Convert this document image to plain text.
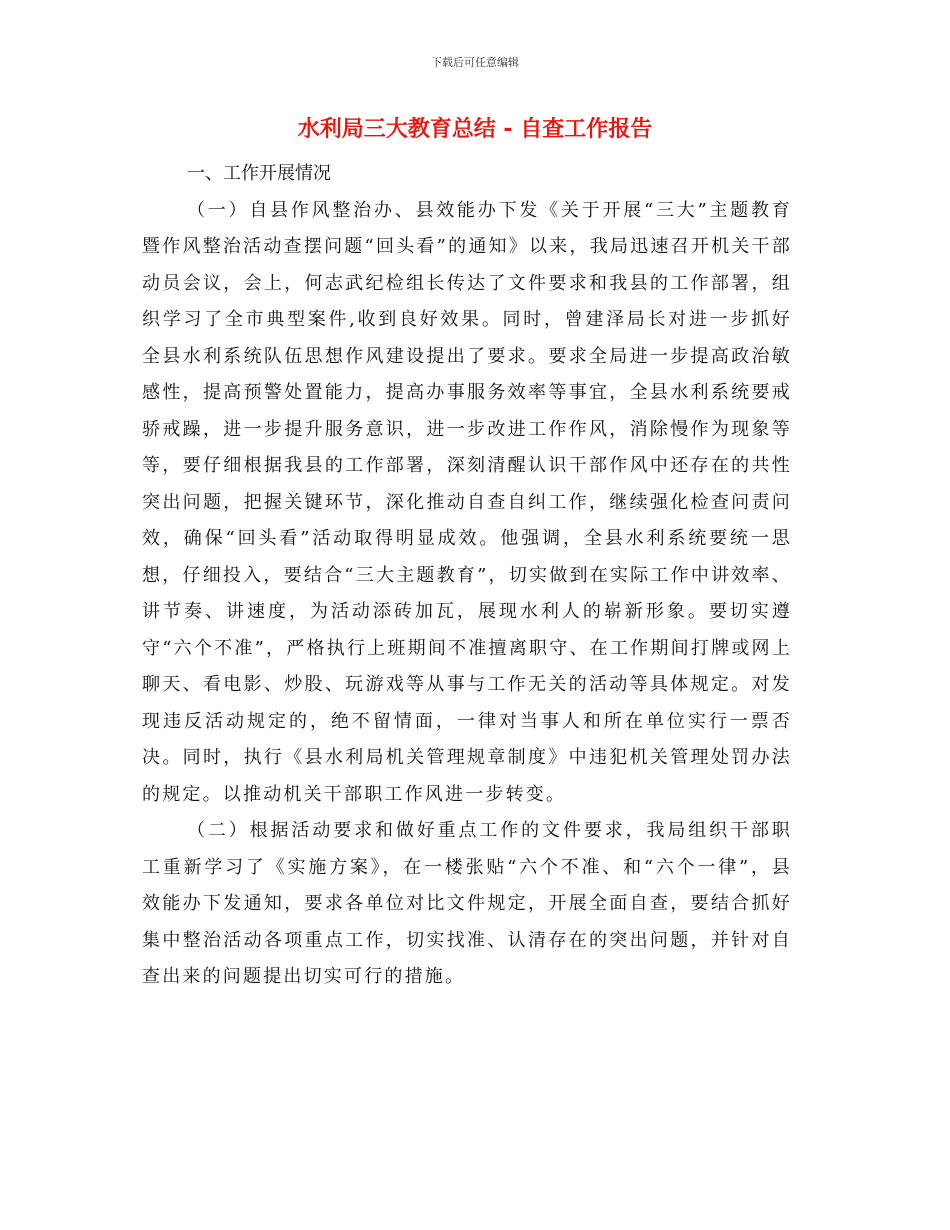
下载后可任意编辑
水利局三大教育总结 - 自查工作报告

一、工作开展情况

（一）自县作风整治办、县效能办下发《关于开展“三大”主题教育暨作风整治活动查摆问题“回头看”的通知》以来，我局迅速召开机关干部动员会议，会上，何志武纪检组长传达了文件要求和我县的工作部署，组织学习了全市典型案件,收到良好效果。同时，曾建泽局长对进一步抓好全县水利系统队伍思想作风建设提出了要求。要求全局进一步提高政治敏感性，提高预警处置能力，提高办事服务效率等事宜，全县水利系统要戒骄戒躁，进一步提升服务意识，进一步改进工作作风，消除慢作为现象等等，要仔细根据我县的工作部署，深刻清醒认识干部作风中还存在的共性突出问题，把握关键环节，深化推动自查自纠工作，继续强化检查问责问效，确保“回头看”活动取得明显成效。他强调，全县水利系统要统一思想，仔细投入，要结合“三大主题教育”，切实做到在实际工作中讲效率、讲节奏、讲速度，为活动添砖加瓦，展现水利人的崭新形象。要切实遵守“六个不准”，严格执行上班期间不准擅离职守、在工作期间打牌或网上聊天、看电影、炒股、玩游戏等从事与工作无关的活动等具体规定。对发现违反活动规定的，绝不留情面，一律对当事人和所在单位实行一票否决。同时，执行《县水利局机关管理规章制度》中违犯机关管理处罚办法的规定。以推动机关干部职工作风进一步转变。

（二）根据活动要求和做好重点工作的文件要求，我局组织干部职工重新学习了《实施方案》，在一楼张贴“六个不准、和“六个一律”，县效能办下发通知，要求各单位对比文件规定，开展全面自查，要结合抓好集中整治活动各项重点工作，切实找准、认清存在的突出问题，并针对自查出来的问题提出切实可行的措施。
